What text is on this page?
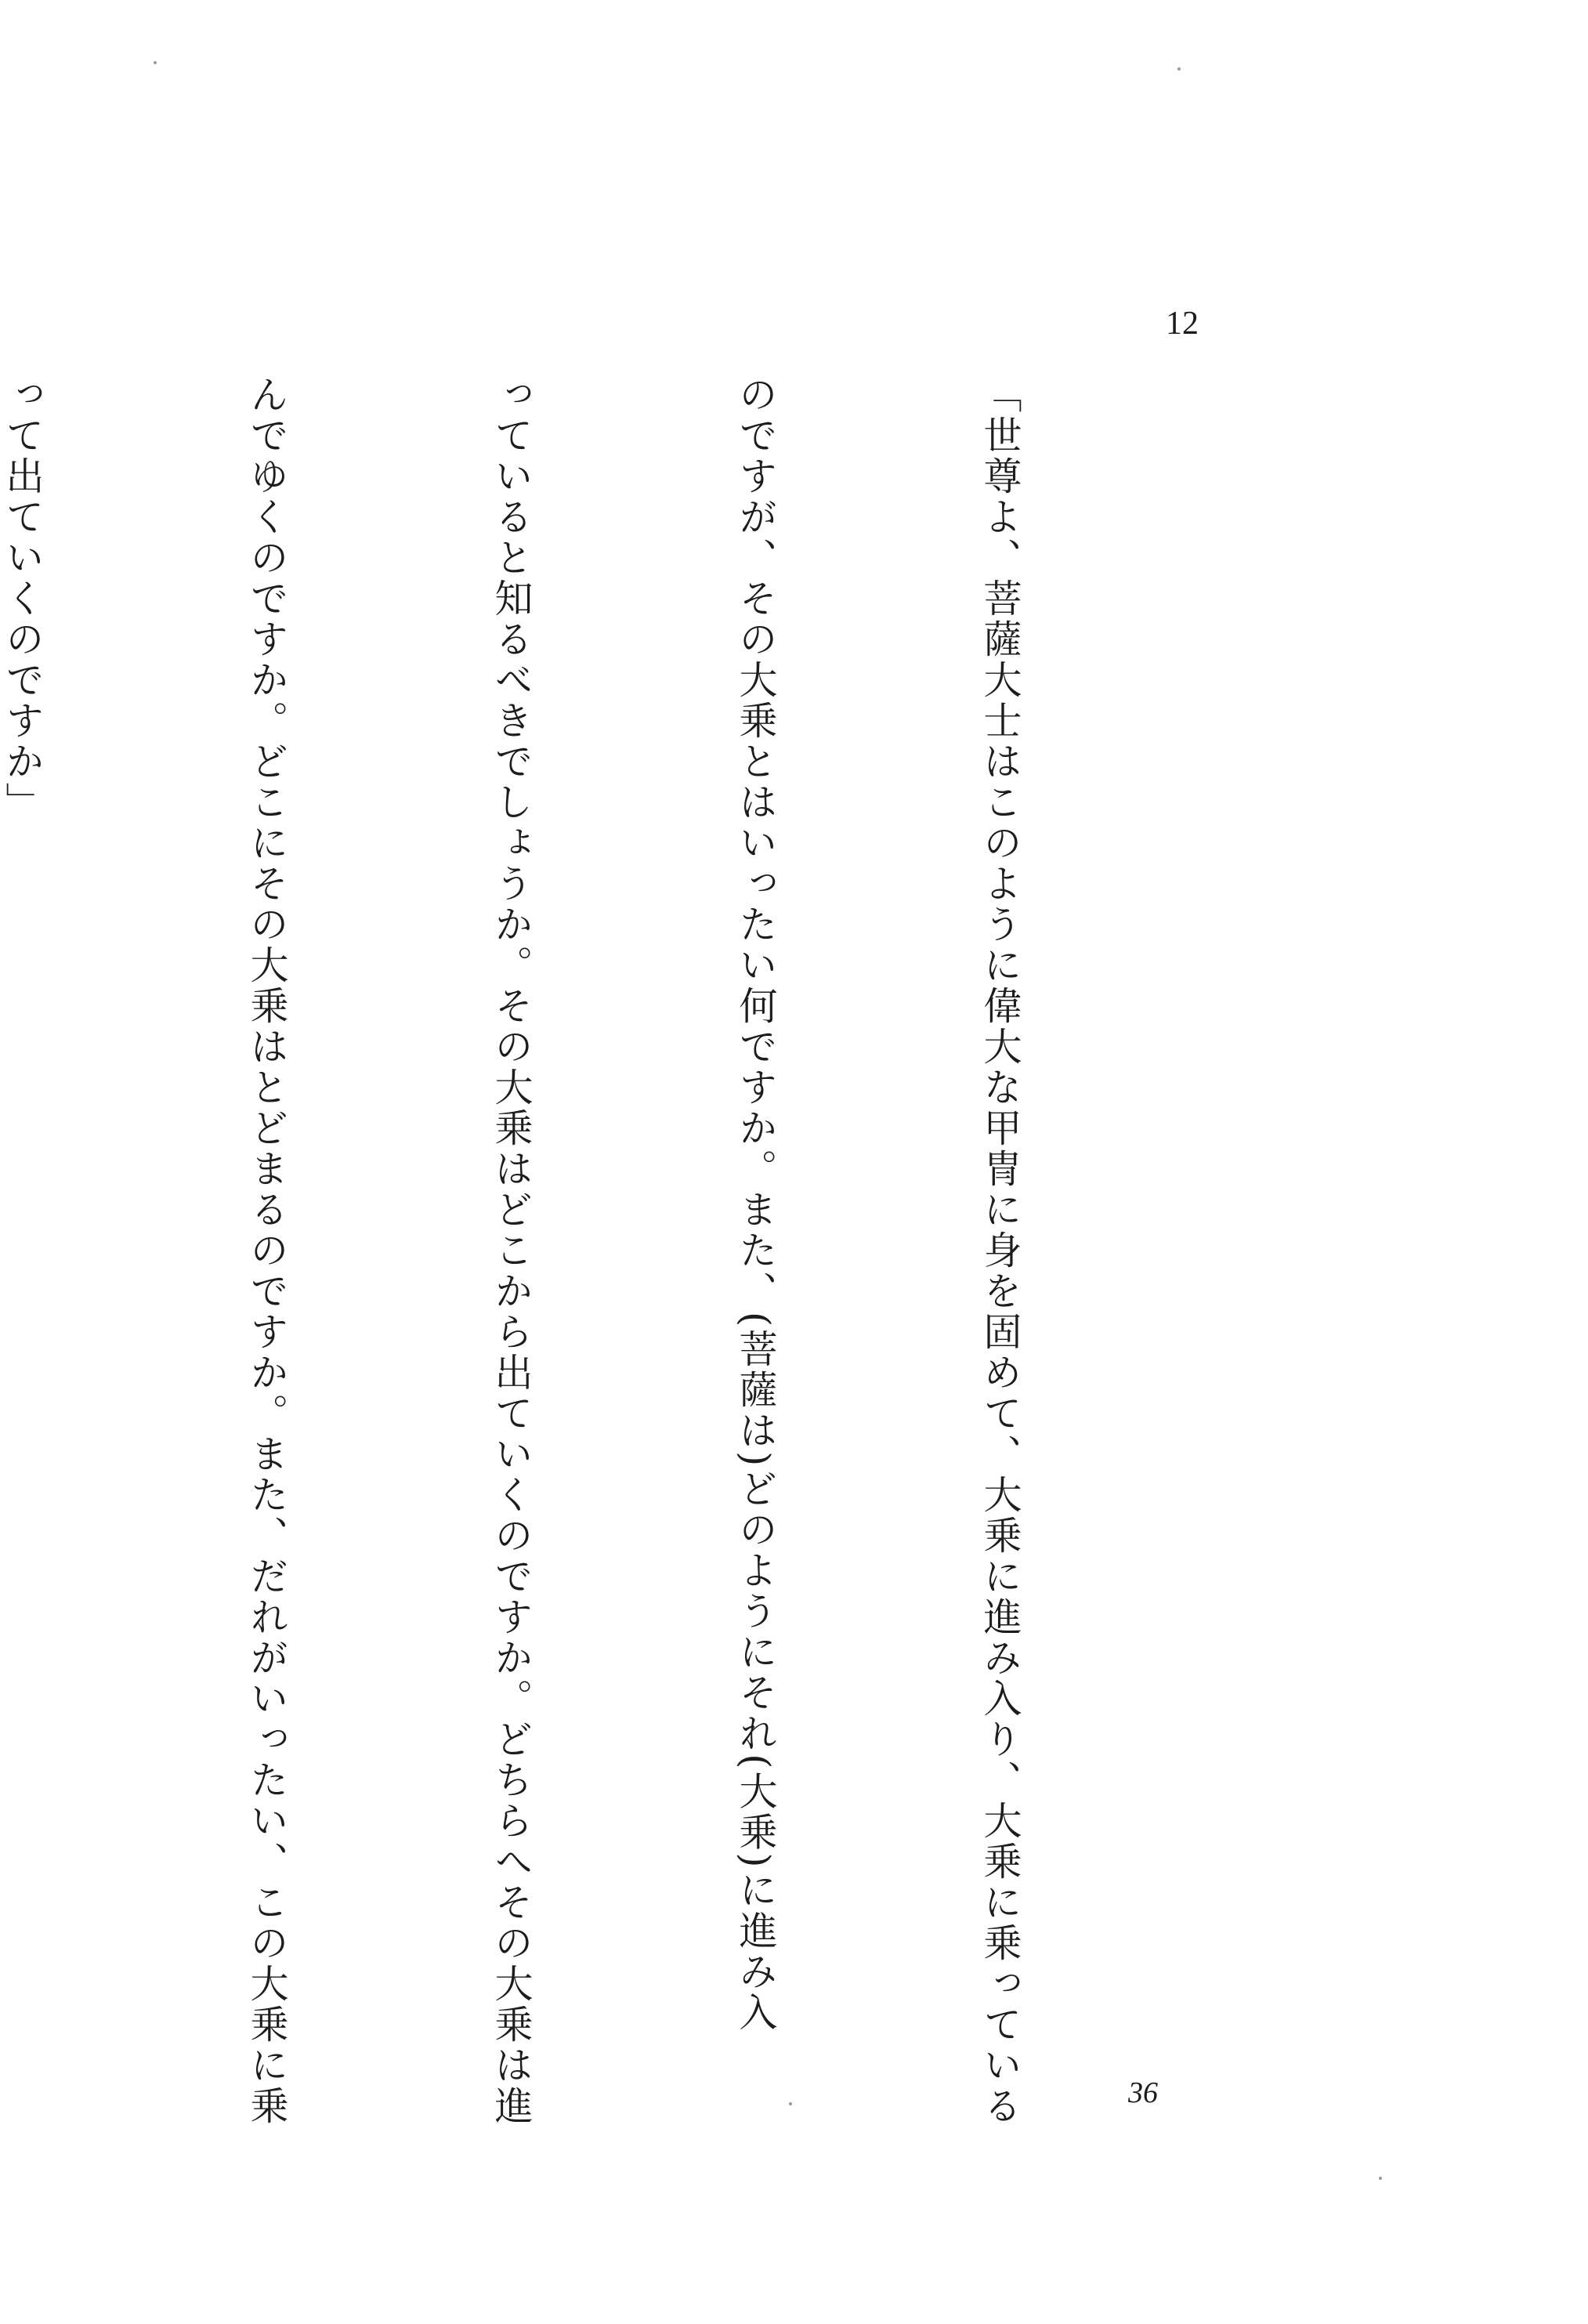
12

「世尊よ、菩薩大士はこのように偉大な甲冑に身を固めて、大乗に進み入り、大乗に乗っている

のですが、その大乗とはいったい何ですか。また、(菩薩は)どのようにそれ(大乗)に進み入

っていると知るべきでしょうか。その大乗はどこから出ていくのですか。どちらへその大乗は進

んでゆくのですか。どこにその大乗はとどまるのですか。また、だれがいったい、この大乗に乗

って出ていくのですか」

36
